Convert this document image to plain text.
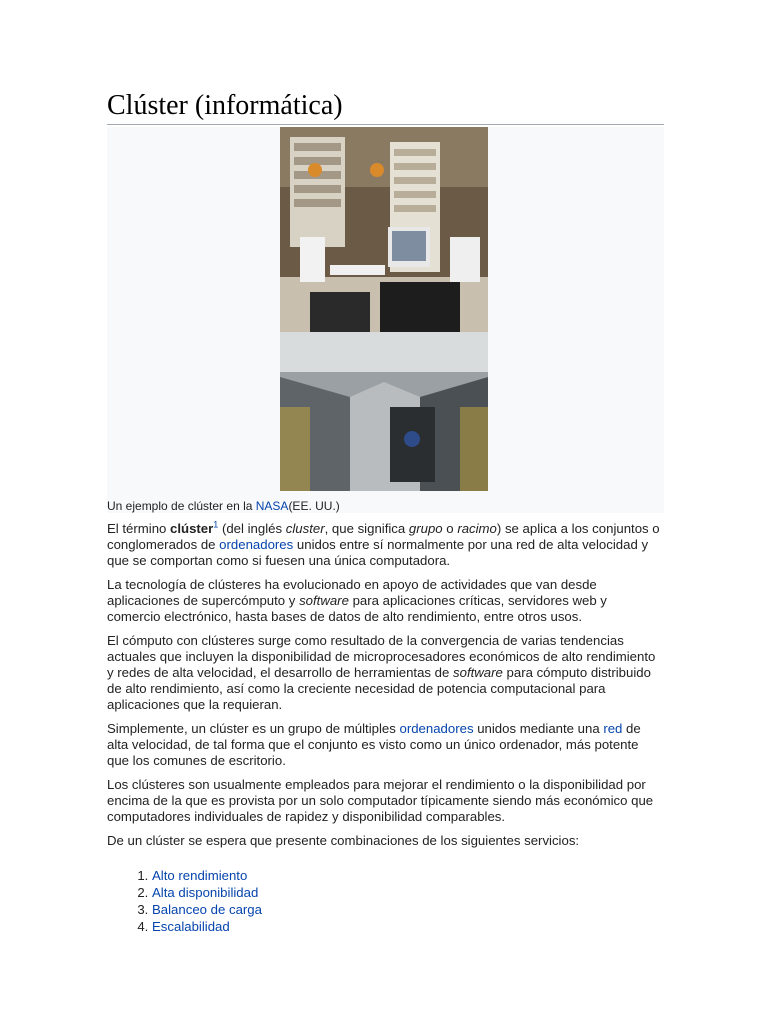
Clúster (informática)
Un ejemplo de clúster en la NASA(EE. UU.)

El término clúster$^1$ (del inglés cluster, que significa grupo o racimo) se aplica a los conjuntos o conglomerados de ordenadores unidos entre sí normalmente por una red de alta velocidad y que se comportan como si fuesen una única computadora.

La tecnología de clústeres ha evolucionado en apoyo de actividades que van desde aplicaciones de supercómputo y software para aplicaciones críticas, servidores web y comercio electrónico, hasta bases de datos de alto rendimiento, entre otros usos.

El cómputo con clústeres surge como resultado de la convergencia de varias tendencias actuales que incluyen la disponibilidad de microprocesadores económicos de alto rendimiento y redes de alta velocidad, el desarrollo de herramientas de software para cómputo distribuido de alto rendimiento, así como la creciente necesidad de potencia computacional para aplicaciones que la requieran.

Simplemente, un clúster es un grupo de múltiples ordenadores unidos mediante una red de alta velocidad, de tal forma que el conjunto es visto como un único ordenador, más potente que los comunes de escritorio.

Los clústeres son usualmente empleados para mejorar el rendimiento o la disponibilidad por encima de la que es provista por un solo computador típicamente siendo más económico que computadores individuales de rapidez y disponibilidad comparables.

De un clúster se espera que presente combinaciones de los siguientes servicios:

1. Alto rendimiento
2. Alta disponibilidad
3. Balanceo de carga
4. Escalabilidad
